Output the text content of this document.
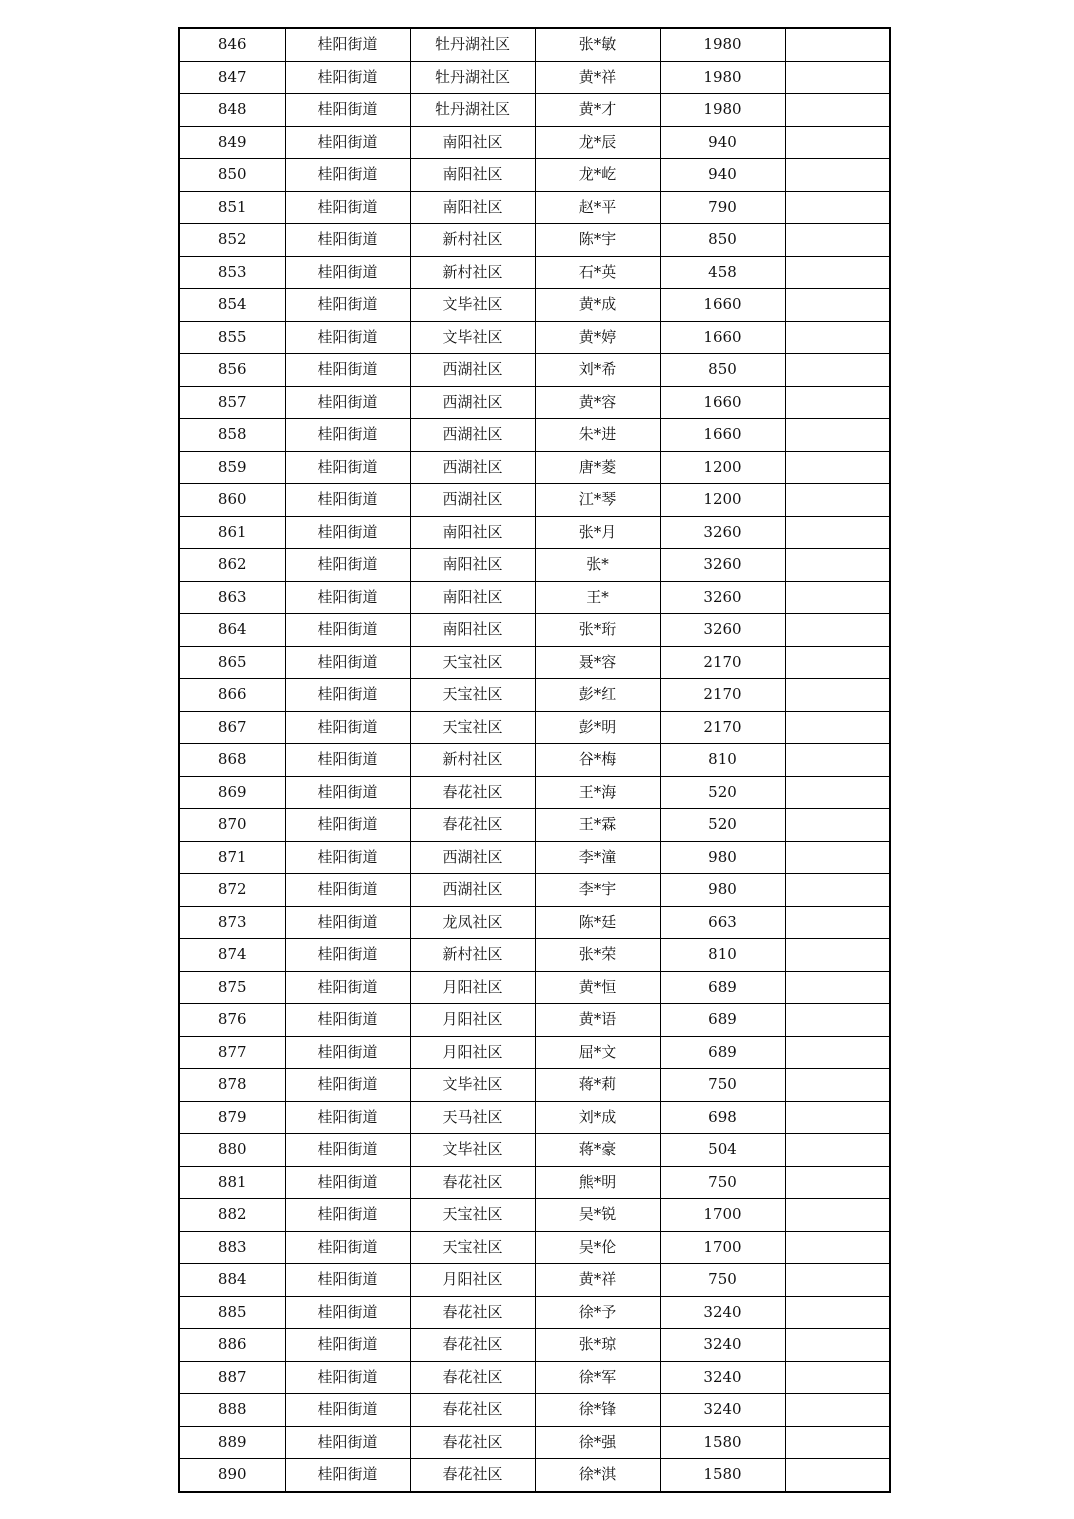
846	桂阳街道	牡丹湖社区	张*敏	1980	
847	桂阳街道	牡丹湖社区	黄*祥	1980	
848	桂阳街道	牡丹湖社区	黄*才	1980	
849	桂阳街道	南阳社区	龙*辰	940	
850	桂阳街道	南阳社区	龙*屹	940	
851	桂阳街道	南阳社区	赵*平	790	
852	桂阳街道	新村社区	陈*宇	850	
853	桂阳街道	新村社区	石*英	458	
854	桂阳街道	文毕社区	黄*成	1660	
855	桂阳街道	文毕社区	黄*婷	1660	
856	桂阳街道	西湖社区	刘*希	850	
857	桂阳街道	西湖社区	黄*容	1660	
858	桂阳街道	西湖社区	朱*进	1660	
859	桂阳街道	西湖社区	唐*菱	1200	
860	桂阳街道	西湖社区	江*琴	1200	
861	桂阳街道	南阳社区	张*月	3260	
862	桂阳街道	南阳社区	张*	3260	
863	桂阳街道	南阳社区	王*	3260	
864	桂阳街道	南阳社区	张*珩	3260	
865	桂阳街道	天宝社区	聂*容	2170	
866	桂阳街道	天宝社区	彭*红	2170	
867	桂阳街道	天宝社区	彭*明	2170	
868	桂阳街道	新村社区	谷*梅	810	
869	桂阳街道	春花社区	王*海	520	
870	桂阳街道	春花社区	王*霖	520	
871	桂阳街道	西湖社区	李*潼	980	
872	桂阳街道	西湖社区	李*宇	980	
873	桂阳街道	龙凤社区	陈*廷	663	
874	桂阳街道	新村社区	张*荣	810	
875	桂阳街道	月阳社区	黄*恒	689	
876	桂阳街道	月阳社区	黄*语	689	
877	桂阳街道	月阳社区	屈*文	689	
878	桂阳街道	文毕社区	蒋*莉	750	
879	桂阳街道	天马社区	刘*成	698	
880	桂阳街道	文毕社区	蒋*豪	504	
881	桂阳街道	春花社区	熊*明	750	
882	桂阳街道	天宝社区	吴*锐	1700	
883	桂阳街道	天宝社区	吴*伦	1700	
884	桂阳街道	月阳社区	黄*祥	750	
885	桂阳街道	春花社区	徐*予	3240	
886	桂阳街道	春花社区	张*琼	3240	
887	桂阳街道	春花社区	徐*军	3240	
888	桂阳街道	春花社区	徐*锋	3240	
889	桂阳街道	春花社区	徐*强	1580	
890	桂阳街道	春花社区	徐*淇	1580	
